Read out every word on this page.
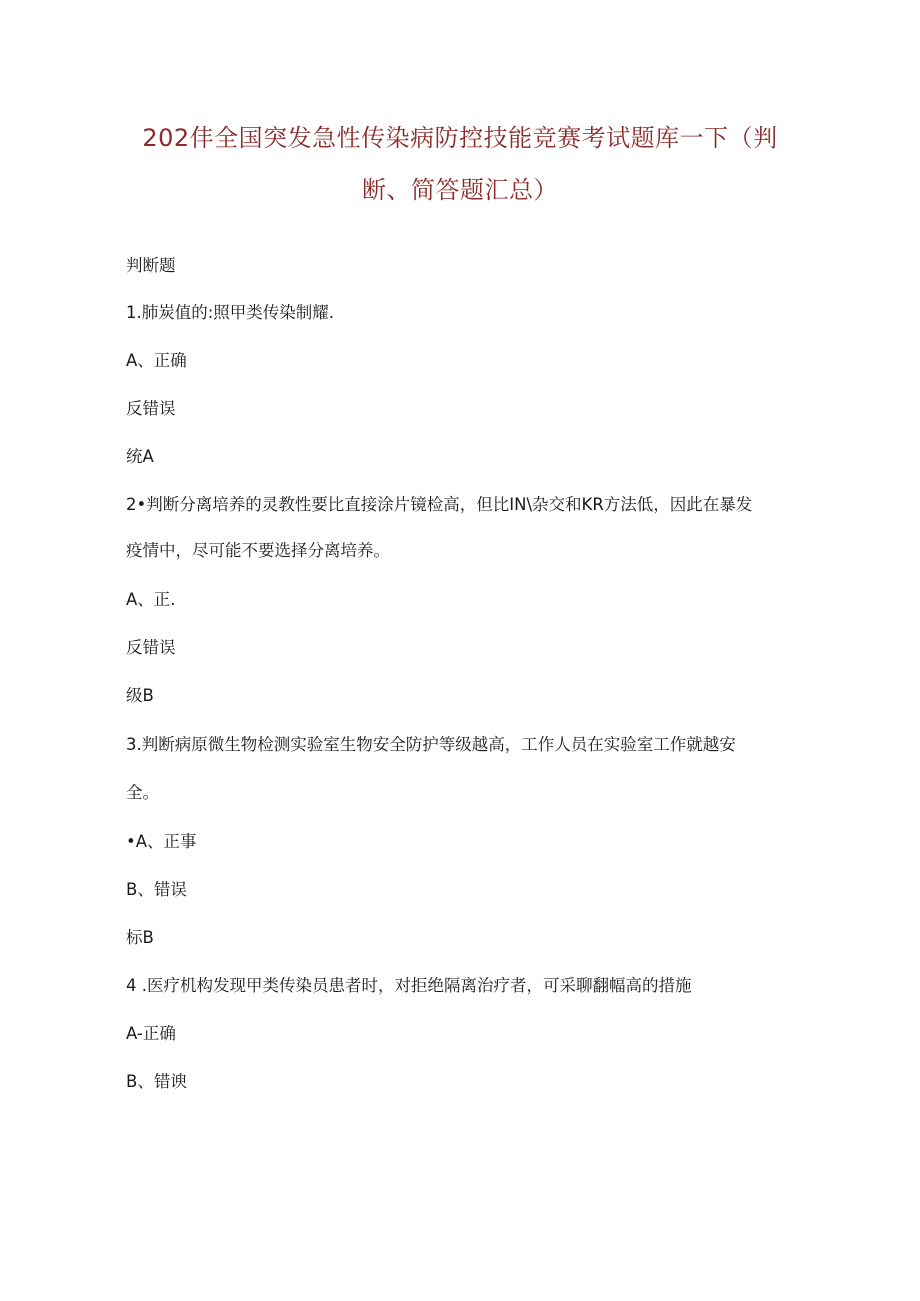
202仹全国突发急性传染病防控技能竞赛考试题库一下（判
断、简答题汇总）
判断题
1.肺炭值的:照甲类传染制耀.
A、正确
反错误
统A
2•判断分离培养的灵教性要比直接涂片镜检高，但比IN\杂交和KR方法低，因此在暴发
疫情中，尽可能不要选择分离培养。
A、正.
反错误
级B
3.判断病原微生物检测实验室生物安全防护等级越高，工作人员在实验室工作就越安
全。
•A、正事
B、错误
标B
4 .医疗机构发现甲类传染员患者时，对拒绝隔离治疗者，可采聊翻幅高的措施
A-正确
B、错谀
